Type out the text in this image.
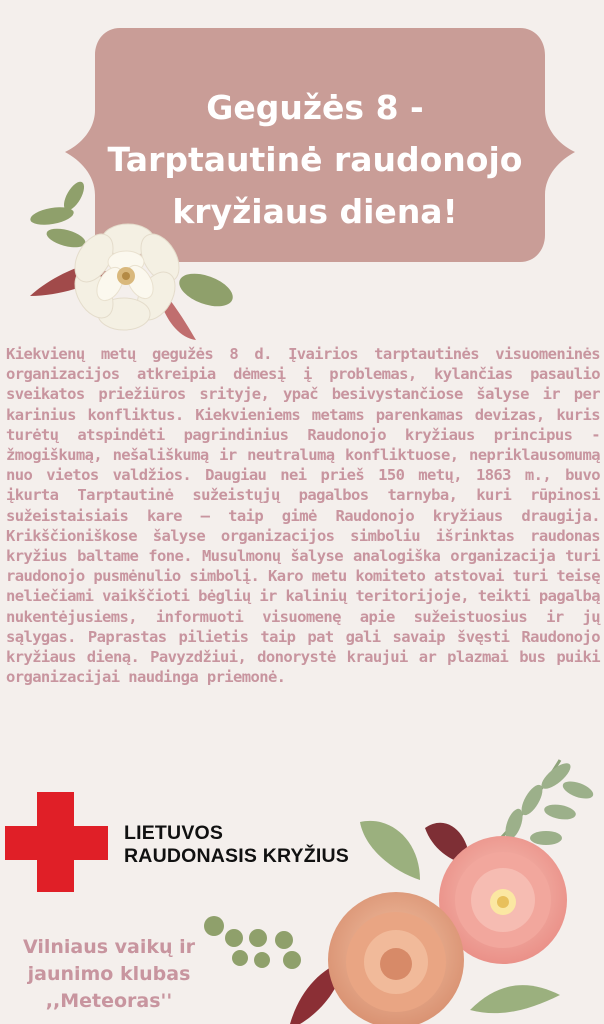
Gegužės 8 -
Tarptautinė raudonojo
kryžiaus diena!

Kiekvienų metų gegužės 8 d. Įvairios tarptautinės visuomeninės organizacijos atkreipia dėmesį į problemas, kylančias pasaulio sveikatos priežiūros srityje, ypač besivystančiose šalyse ir per karinius konfliktus. Kiekvieniems metams parenkamas devizas, kuris turėtų atspindėti pagrindinius Raudonojo kryžiaus principus - žmogiškumą, nešališkumą ir neutralumą konfliktuose, nepriklausomumą nuo vietos valdžios. Daugiau nei prieš 150 metų, 1863 m., buvo įkurta Tarptautinė sužeistųjų pagalbos tarnyba, kuri rūpinosi sužeistaisiais kare – taip gimė Raudonojo kryžiaus draugija. Krikščioniškose šalyse organizacijos simboliu išrinktas raudonas kryžius baltame fone. Musulmonų šalyse analogiška organizacija turi raudonojo pusmėnulio simbolį. Karo metu komiteto atstovai turi teisę neliečiami vaikščioti bėglių ir kalinių teritorijoje, teikti pagalbą nukentėjusiems, informuoti visuomenę apie sužeistuosius ir jų sąlygas. Paprastas pilietis taip pat gali savaip švęsti Raudonojo kryžiaus dieną. Pavyzdžiui, donorystė kraujui ar plazmai bus puiki organizacijai naudinga priemonė.

LIETUVOS
RAUDONASIS KRYŽIUS
Vilniaus vaikų ir
jaunimo klubas
,,Meteoras''
